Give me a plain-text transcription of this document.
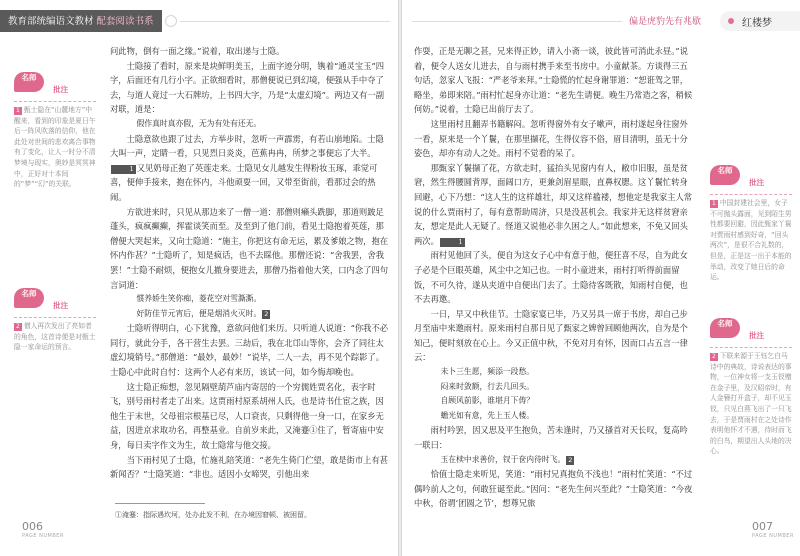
教育部统编语文教材 配套阅读书系
名师
批注
1 甄士隐在“山麓地方”中醒来，看到的印象是夏日午后一阵风吹落的信仰，他在此处对世间的悲欢离合事物有了变化，让人一时分不清梦境与现实，奥妙是冥冥神中，正好对十本间的“梦”“幻”的关联。
名师
批注
2 僧人再次发出了亮如者的角色，这首诗便是对甄士隐一家命运的预言。

问此物，倒有一面之缘。”说着，取出递与士隐。

士隐接了看时，原来是块鲜明美玉，上面字迹分明，镌着“通灵宝玉”四字，后面还有几行小字。正欲细看时，那僧便说已到幻境，便强从手中夺了去，与道人竟过一大石牌坊，上书四大字，乃是“太虚幻境”。两边又有一副对联，道是：

假作真时真亦假，无为有处有还无。

士隐意欲也跟了过去，方举步时，忽听一声霹雳，有若山崩地陷。士隐大叫一声，定睛一看，只见烈日炎炎，芭蕉冉冉，所梦之事便忘了大半。1 又见奶母正抱了英莲走来。士隐见女儿越发生得粉妆玉琢，乖觉可喜，便伸手接来，抱在怀内，斗他顽耍一回，又带至街前，看那过会的热闹。

方欲进来时，只见从那边来了一僧一道：那僧则癞头跣脚，那道则跛足蓬头，疯疯癫癫，挥霍谈笑而至。及至到了他门前，看见士隐抱着英莲，那僧便大哭起来，又向士隐道：“施主，你把这有命无运，累及爹娘之物，抱在怀内作甚？”士隐听了，知是疯话，也不去睬他。那僧还说：“舍我罢，舍我罢！”士隐不耐烦，便抱女儿撤身要进去，那僧乃指着他大笑，口内念了四句言词道：

惯养娇生笑你痴，菱花空对雪澌澌。

好防佳节元宵后，便是烟消火灭时。 2

士隐听得明白，心下犹豫，意欲问他们来历。只听道人说道：“你我不必同行，就此分手，各干营生去罢。三劫后，我在北邙山等你，会齐了同往太虚幻境销号。”那僧道：“最妙，最妙！”说毕，二人一去，再不见个踪影了。士隐心中此时自忖：这两个人必有来历，该试一问，如今悔却晚也。

这士隐正痴想，忽见隔壁葫芦庙内寄居的一个穷儒姓贾名化，表字时飞，别号雨村者走了出来。这贾雨村原系胡州人氏，也是诗书仕宦之族，因他生于末世，父母祖宗根基已尽，人口衰丧，只剩得他一身一口，在家乡无益，因进京求取功名，再整基业。自前岁来此，又淹蹇①住了，暂寄庙中安身，每日卖字作文为生，故士隐常与他交接。

当下雨村见了士隐，忙施礼陪笑道：“老先生倚门伫望，敢是街市上有甚新闻否？”士隐笑道：“非也。适因小女啼哭，引他出来

①淹蹇：指际遇坎坷，处办此发不利，在办境因窘顿、被困留。
006
PAGE NUMBER
偏是虎豹先有兆歇	红楼梦

作耍，正是无聊之甚，兄来得正妙，请入小斋一谈，彼此皆可消此永昼。”说着，便令人送女儿进去，自与雨村携手来至书房中。小童献茶。方谈得三五句话，忽家人飞报：“严老爷来拜。”士隐慌的忙起身谢罪道：“恕诳驾之罪，略坐，弟即来陪。”雨村忙起身亦让道：“老先生请便。晚生乃常造之客，稍候何妨。”说着，士隐已出前厅去了。

这里雨村且翻弄书籍解闷。忽听得窗外有女子嗽声，雨村遂起身往窗外一看，原来是一个丫鬟，在那里撷花，生得仪容不俗，眉目清明，虽无十分姿色，却亦有动人之处。雨村不觉看的呆了。

那甄家丫鬟撷了花，方欲走时，猛抬头见窗内有人，敝巾旧服，虽是贫窘，然生得腰圆背厚，面阔口方，更兼剑眉星眼，直鼻权腮。这丫鬟忙转身回避，心下乃想：“这人生的这样雄壮，却又这样褴褛，想他定是我家主人常说的什么贾雨村了，每有意帮助周济，只是没甚机会。我家并无这样贫窘亲友，想定是此人无疑了。怪道又说他必非久困之人。”如此想来，不免又回头两次。	1

雨村见他回了头，便自为这女子心中有意于他，便狂喜不尽，自为此女子必是个巨眼英雄，风尘中之知己也。一时小童进来，雨村打听得前面留饭，不可久待，遂从夹道中自便出门去了。士隐待客既散，知雨村自便，也不去再邀。

一日，早又中秋佳节。士隐家宴已毕，乃又另具一席于书房，却自己步月至庙中来邀雨村。原来雨村自那日见了甄家之婢曾回顾他两次，自为是个知己，便时刻放在心上。今又正值中秋，不免对月有怀，因而口占五言一律云：

未卜三生愿，频添一段愁。

闷来时敛额，行去几回头。

自顾风前影，谁堪月下俦？

蟾光如有意，先上玉人楼。

雨村吟罢，因又思及平生抱负，苦未逢时，乃又搔首对天长叹，复高吟一联曰：

玉在椟中求善价，钗于奁内待时飞。 2

恰值士隐走来听见，笑道：“雨村兄真抱负不浅也！”雨村忙笑道：“不过偶吟前人之句，何敢狂诞至此。”因问：“老先生何兴至此？”士隐笑道：“今夜中秋，俗谓‘团圆之节’，想尊兄旅

名师
批注
1 中国封建社会里，女子不可抛头露面，见到陌生男性都要回避，因此甄家丫鬟对贾雨村感到好奇，“回头两次”，是很不合礼数的，但是，正是这一出于本能的举动，改变了她日后的命运。
名师
批注
2 下联来源于王钰乞白马诗中的典故，诗说表达的事物，一位神女将一支玉钗赠在金子里，及汉昭帝时，有人金簪打开盒子，却不见玉钗，只见白燕飞出了一只飞去，于是贾雨村在之处诗作表明他怀才不遇，待时而飞的白鸟，期望出人头地的决心。
007
PAGE NUMBER
